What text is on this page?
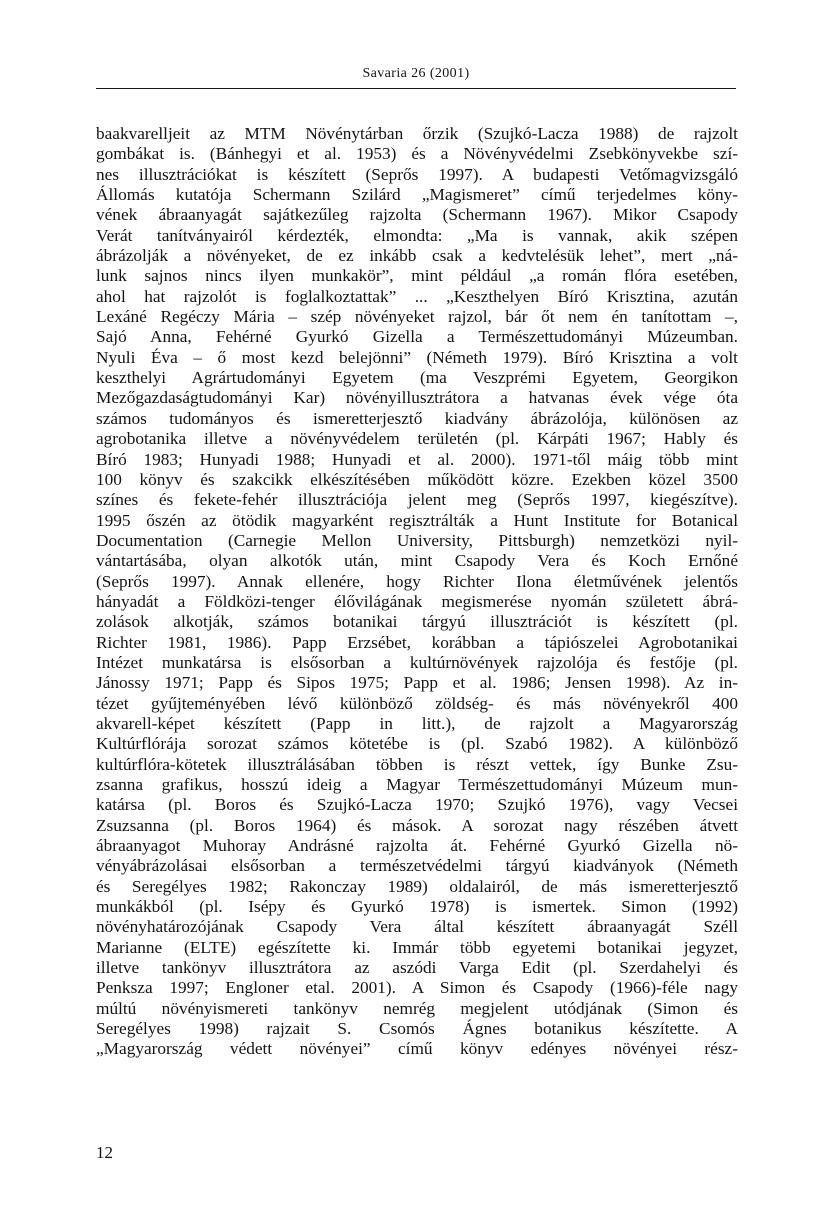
Savaria 26 (2001)
baakvarelljeit az MTM Növénytárban őrzik (Szujkó-Lacza 1988) de rajzolt
gombákat is. (Bánhegyi et al. 1953) és a Növényvédelmi Zsebkönyvekbe szí-
nes illusztrációkat is készített (Seprős 1997). A budapesti Vetőmagvizsgáló
Állomás kutatója Schermann Szilárd „Magismeret” című terjedelmes köny-
vének ábraanyagát sajátkezűleg rajzolta (Schermann 1967). Mikor Csapody
Verát tanítványairól kérdezték, elmondta: „Ma is vannak, akik szépen
ábrázolják a növényeket, de ez inkább csak a kedvtelésük lehet”, mert „ná-
lunk sajnos nincs ilyen munkakör”, mint például „a román flóra esetében,
ahol hat rajzolót is foglalkoztattak” ... „Keszthelyen Bíró Krisztina, azután
Lexáné Regéczy Mária – szép növényeket rajzol, bár őt nem én tanítottam –,
Sajó Anna, Fehérné Gyurkó Gizella a Természettudományi Múzeumban.
Nyuli Éva – ő most kezd belejönni” (Németh 1979). Bíró Krisztina a volt
keszthelyi Agrártudományi Egyetem (ma Veszprémi Egyetem, Georgikon
Mezőgazdaságtudományi Kar) növényillusztrátora a hatvanas évek vége óta
számos tudományos és ismeretterjesztő kiadvány ábrázolója, különösen az
agrobotanika illetve a növényvédelem területén (pl. Kárpáti 1967; Hably és
Bíró 1983; Hunyadi 1988; Hunyadi et al. 2000). 1971-től máig több mint
100 könyv és szakcikk elkészítésében működött közre. Ezekben közel 3500
színes és fekete-fehér illusztrációja jelent meg (Seprős 1997, kiegészítve).
1995 őszén az ötödik magyarként regisztrálták a Hunt Institute for Botanical
Documentation (Carnegie Mellon University, Pittsburgh) nemzetközi nyil-
vántartásába, olyan alkotók után, mint Csapody Vera és Koch Ernőné
(Seprős 1997). Annak ellenére, hogy Richter Ilona életművének jelentős
hányadát a Földközi-tenger élővilágának megismerése nyomán született ábrá-
zolások alkotják, számos botanikai tárgyú illusztrációt is készített (pl.
Richter 1981, 1986). Papp Erzsébet, korábban a tápiószelei Agrobotanikai
Intézet munkatársa is elsősorban a kultúrnövények rajzolója és festője (pl.
Jánossy 1971; Papp és Sipos 1975; Papp et al. 1986; Jensen 1998). Az in-
tézet gyűjteményében lévő különböző zöldség- és más növényekről 400
akvarell-képet készített (Papp in litt.), de rajzolt a Magyarország
Kultúrflórája sorozat számos kötetébe is (pl. Szabó 1982). A különböző
kultúrflóra-kötetek illusztrálásában többen is részt vettek, így Bunke Zsu-
zsanna grafikus, hosszú ideig a Magyar Természettudományi Múzeum mun-
katársa (pl. Boros és Szujkó-Lacza 1970; Szujkó 1976), vagy Vecsei
Zsuzsanna (pl. Boros 1964) és mások. A sorozat nagy részében átvett
ábraanyagot Muhoray Andrásné rajzolta át. Fehérné Gyurkó Gizella nö-
vényábrázolásai elsősorban a természetvédelmi tárgyú kiadványok (Németh
és Seregélyes 1982; Rakonczay 1989) oldalairól, de más ismeretterjesztő
munkákból (pl. Isépy és Gyurkó 1978) is ismertek. Simon (1992)
növényhatározójának Csapody Vera által készített ábraanyagát Széll
Marianne (ELTE) egészítette ki. Immár több egyetemi botanikai jegyzet,
illetve tankönyv illusztrátora az aszódi Varga Edit (pl. Szerdahelyi és
Penksza 1997; Engloner etal. 2001). A Simon és Csapody (1966)-féle nagy
múltú növényismereti tankönyv nemrég megjelent utódjának (Simon és
Seregélyes 1998) rajzait S. Csomós Ágnes botanikus készítette. A
„Magyarország védett növényei” című könyv edényes növényei rész-
12
